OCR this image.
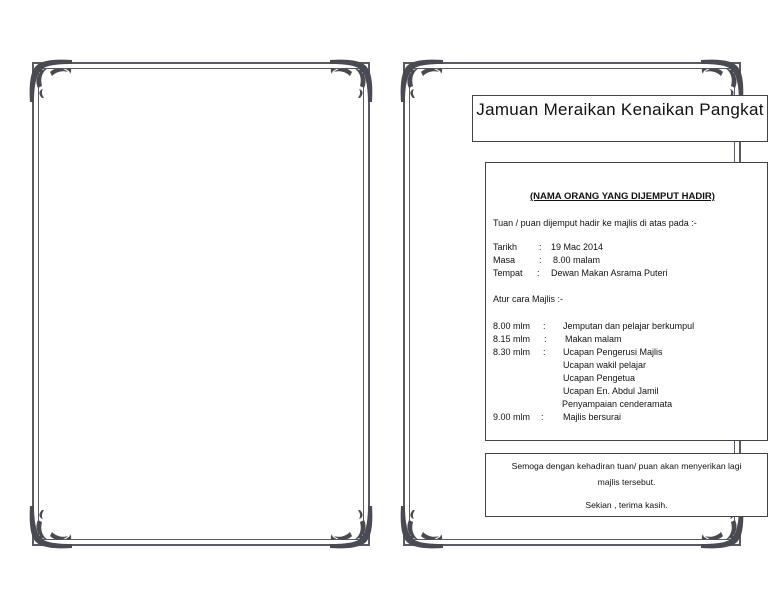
Jamuan Meraikan Kenaikan Pangkat
(NAMA ORANG YANG DIJEMPUT HADIR)
Tuan / puan dijemput hadir ke majlis di atas pada :-
Tarikh : 19 Mac 2014
Masa	: 8.00 malam
Tempat : Dewan Makan Asrama Puteri
Atur cara Majlis :-
8.00 mlm : Jemputan dan pelajar berkumpul
8.15 mlm : Makan malam
8.30 mlm : Ucapan Pengerusi Majlis
Ucapan wakil pelajar
Ucapan Pengetua
Ucapan En. Abdul Jamil
Penyampaian cenderamata
9.00 mlm : Majlis bersurai
Semoga dengan kehadiran tuan/ puan akan menyerikan lagi
majlis tersebut.
Sekian , terima kasih.
